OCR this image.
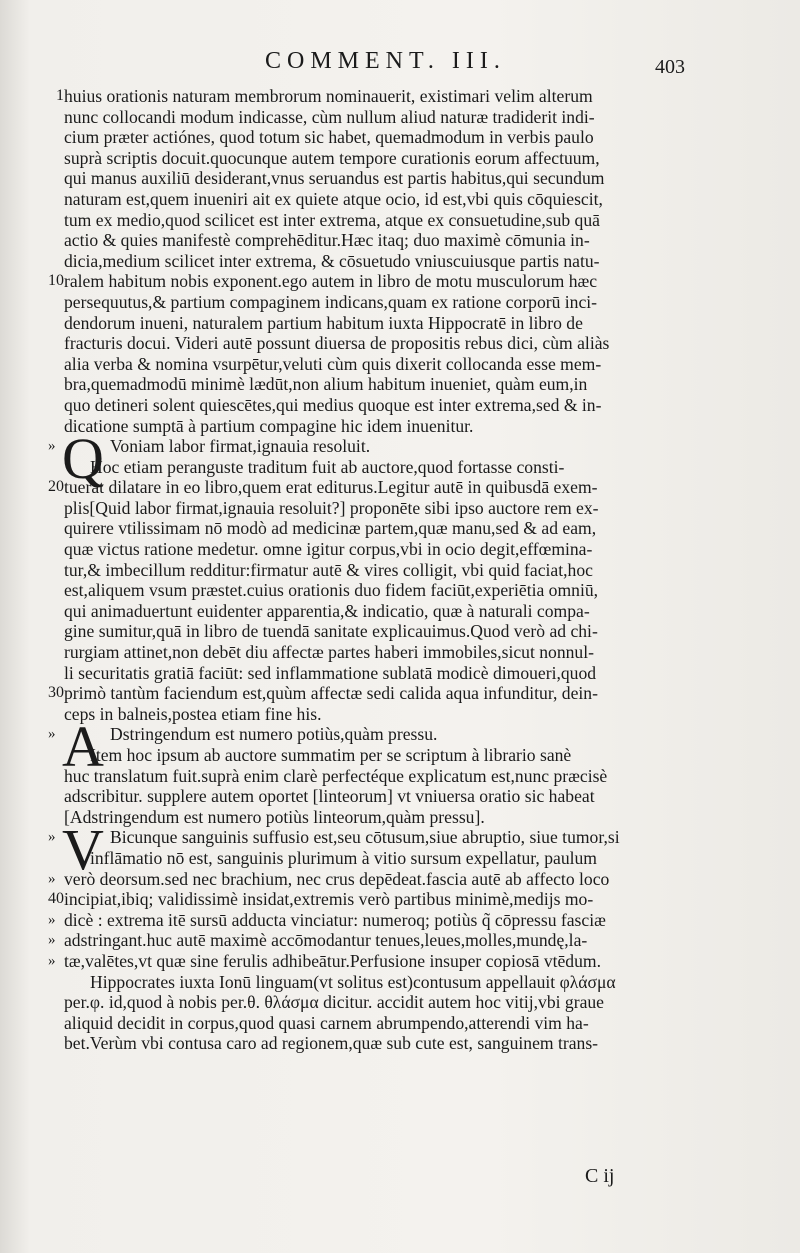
COMMENT. III.	403
1 huius orationis naturam membrorum nominauerit, existimari velim alterum
nunc collocandi modum indicasse, cùm nullum aliud naturæ tradiderit indi-
cium præter actiónes, quod totum sic habet, quemadmodum in verbis paulo
suprà scriptis docuit.quocunque autem tempore curationis eorum affectuum,
qui manus auxiliū desiderant,vnus seruandus est partis habitus,qui secundum
naturam est,quem inueniri ait ex quiete atque ocio, id est,vbi quis cōquiescit,
tum ex medio,quod scilicet est inter extrema, atque ex consuetudine,sub quā
actio & quies manifestè comprehēditur.Hæc itaq; duo maximè cōmunia in-
dicia,medium scilicet inter extrema, & cōsuetudo vniuscuiusque partis natu-
10 ralem habitum nobis exponent.ego autem in libro de motu musculorum hæc
persequutus,& partium compaginem indicans,quam ex ratione corporū inci-
dendorum inueni, naturalem partium habitum iuxta Hippocratē in libro de
fracturis docui. Videri autē possunt diuersa de propositis rebus dici, cùm aliàs
alia verba & nomina vsurpētur,veluti cùm quis dixerit collocanda esse mem-
bra,quemadmodū minimè lædūt,non alium habitum inueniet, quàm eum,in
quo detineri solent quiescētes,qui medius quoque est inter extrema,sed & in-
dicatione sumptā à partium compagine hic idem inuenitur.
» Q Voniam labor firmat,ignauia resoluit.
Hoc etiam peranguste traditum fuit ab auctore,quod fortasse consti-
20 tuerat dilatare in eo libro,quem erat editurus.Legitur autē in quibusdā exem-
plis[Quid labor firmat,ignauia resoluit?] proponēte sibi ipso auctore rem ex-
quirere vtilissimam nō modò ad medicinæ partem,quæ manu,sed & ad eam,
quæ victus ratione medetur. omne igitur corpus,vbi in ocio degit,effœmina-
tur,& imbecillum redditur:firmatur autē & vires colligit, vbi quid faciat,hoc
est,aliquem vsum præstet.cuius orationis duo fidem faciūt,experiētia omniū,
qui animaduertunt euidenter apparentia,& indicatio, quæ à naturali compa-
gine sumitur,quā in libro de tuendā sanitate explicauimus.Quod verò ad chi-
rurgiam attinet,non debēt diu affectæ partes haberi immobiles,sicut nonnul-
li securitatis gratiā faciūt: sed inflammatione sublatā modicè dimoueri,quod
30 primò tantùm faciendum est,quùm affectæ sedi calida aqua infunditur, dein-
ceps in balneis,postea etiam fine his.
» A Dstringendum est numero potiùs,quàm pressu.
Item hoc ipsum ab auctore summatim per se scriptum à librario sanè
huc translatum fuit.suprà enim clarè perfectéque explicatum est,nunc præcisè
adscribitur. supplere autem oportet [linteorum] vt vniuersa oratio sic habeat
[Adstringendum est numero potiùs linteorum,quàm pressu].
» V Bicunque sanguinis suffusio est,seu cōtusum,siue abruptio, siue tumor,si
inflāmatio nō est, sanguinis plurimum à vitio sursum expellatur, paulum
» verò deorsum.sed nec brachium, nec crus depēdeat.fascia autē ab affecto loco
40 incipiat,ibiq; validissimè insidat,extremis verò partibus minimè,medijs mo-
» dicè : extrema itē sursū adducta vinciatur: numeroq; potiùs q̃ cōpressu fasciæ
» adstringant.huc autē maximè accōmodantur tenues,leues,molles,mundę,la-
» tæ,valētes,vt quæ sine ferulis adhibeātur.Perfusione insuper copiosā vtēdum.
Hippocrates iuxta Ionū linguam(vt solitus est)contusum appellauit φλάσμα
per.φ. id,quod à nobis per.θ. θλάσμα dicitur. accidit autem hoc vitij,vbi graue
aliquid decidit in corpus,quod quasi carnem abrumpendo,atterendi vim ha-
bet.Verùm vbi contusa caro ad regionem,quæ sub cute est, sanguinem trans-
C ij
